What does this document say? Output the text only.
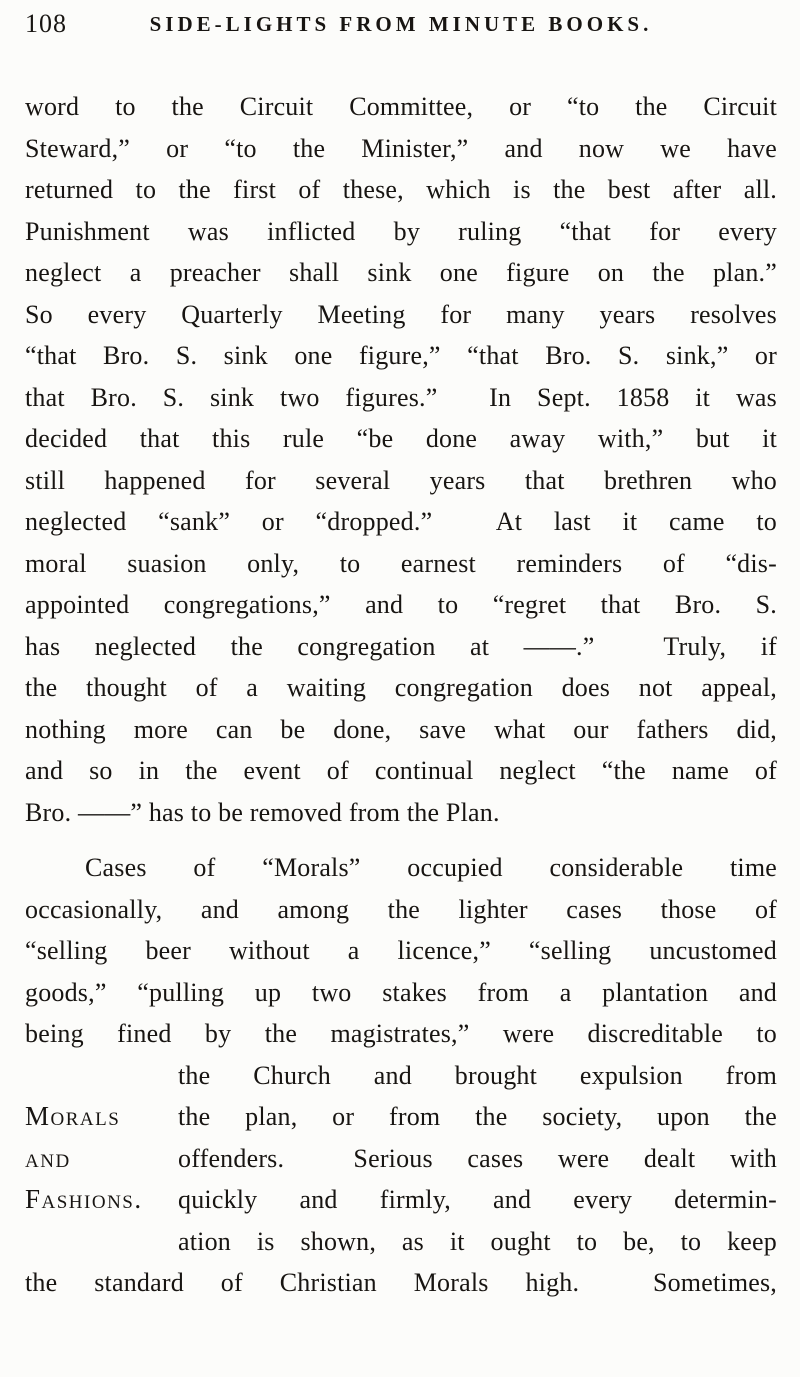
108	SIDE-LIGHTS FROM MINUTE BOOKS.
word to the Circuit Committee, or “to the Circuit
Steward,” or “to the Minister,” and now we have
returned to the first of these, which is the best after all.
Punishment was inflicted by ruling “that for every
neglect a preacher shall sink one figure on the plan.”
So every Quarterly Meeting for many years resolves
“that Bro. S. sink one figure,” “that Bro. S. sink,” or
that Bro. S. sink two figures.”  In Sept. 1858 it was
decided that this rule “be done away with,” but it
still happened for several years that brethren who
neglected “sank” or “dropped.”  At last it came to
moral suasion only, to earnest reminders of “dis-
appointed congregations,” and to “regret that Bro. S.
has neglected the congregation at ——.”  Truly, if
the thought of a waiting congregation does not appeal,
nothing more can be done, save what our fathers did,
and so in the event of continual neglect “the name of
Bro. ——” has to be removed from the Plan.
Cases of “Morals” occupied considerable time
occasionally, and among the lighter cases those of
“selling beer without a licence,” “selling uncustomed
goods,” “pulling up two stakes from a plantation and
being fined by the magistrates,” were discreditable to
the Church and brought expulsion from
Morals	the plan, or from the society, upon the
and	offenders.  Serious cases were dealt with
Fashions.	quickly and firmly, and every determin-
ation is shown, as it ought to be, to keep
the standard of Christian Morals high.  Sometimes,
